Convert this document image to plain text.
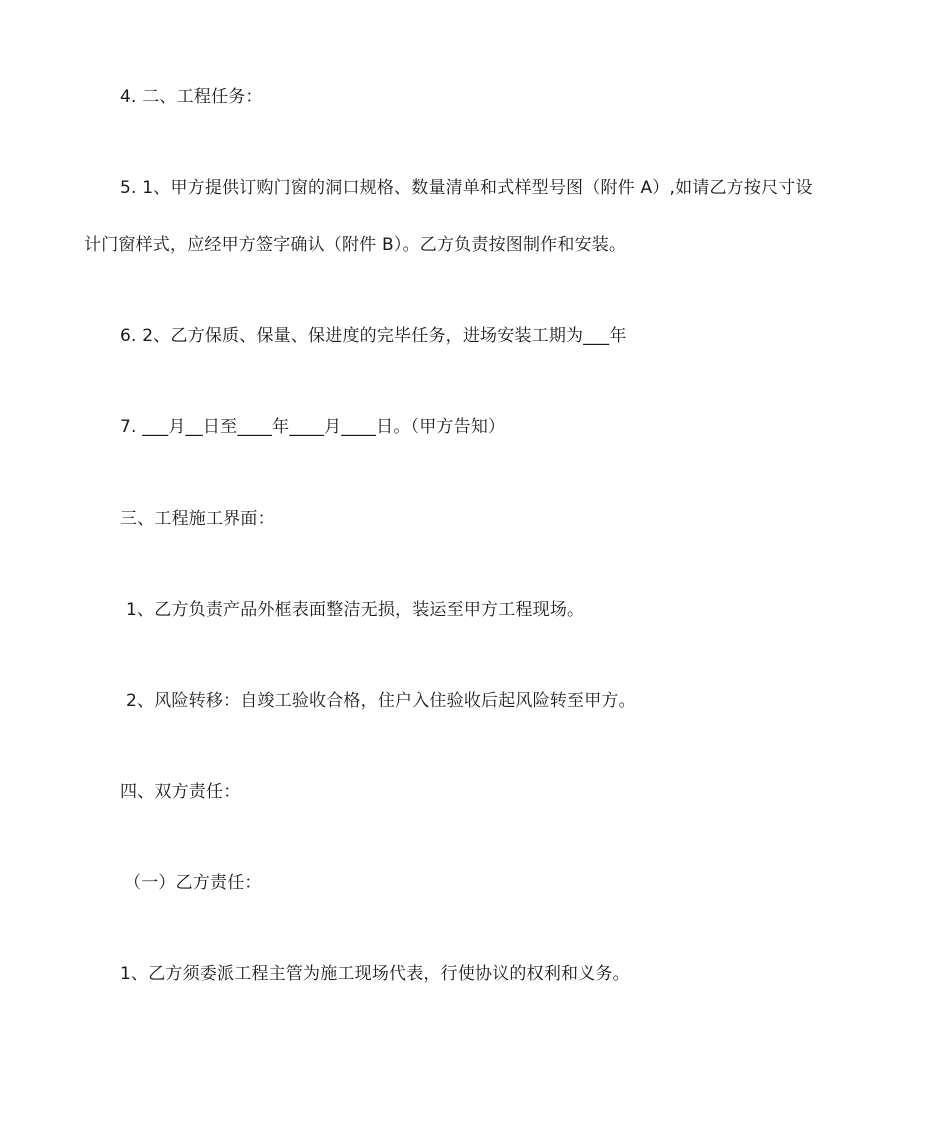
4. 二、工程任务：
5. 1、甲方提供订购门窗的洞口规格、数量清单和式样型号图（附件 A）,如请乙方按尺寸设
计门窗样式，应经甲方签字确认（附件 B）。乙方负责按图制作和安装。
6. 2、乙方保质、保量、保进度的完毕任务，进场安装工期为___年
7. ___月__日至____年____月____日。（甲方告知）
三、工程施工界面：
1、乙方负责产品外框表面整洁无损，装运至甲方工程现场。
2、风险转移：自竣工验收合格，住户入住验收后起风险转至甲方。
四、双方责任：
（一）乙方责任：
1、乙方须委派工程主管为施工现场代表，行使协议的权利和义务。
